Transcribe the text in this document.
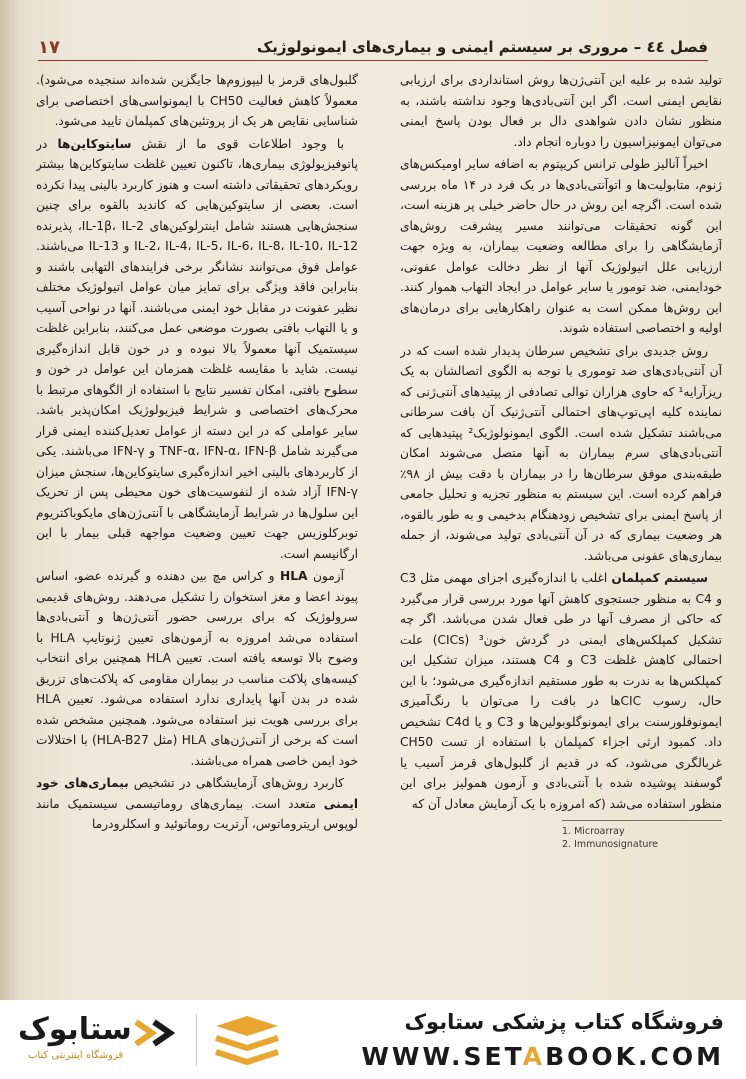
فصل ٤٤ – مروری بر سیستم ایمنی و بیماری‌های ایمونولوژیک
١٧

تولید شده بر علیه این آنتی‌ژن‌ها روش استانداردی برای ارزیابی نقایص ایمنی است. اگر این آنتی‌بادی‌ها وجود نداشته باشند، به منظور نشان دادن شواهدی دال بر فعال بودن پاسخ ایمنی می‌توان ایمونیزاسیون را دوباره انجام داد.

اخیراً آنالیز طولی ترانس کریپتوم به اضافه سایر اومیکس‌های ژنوم، متابولیت‌ها و اتوآنتی‌بادی‌ها در یک فرد در ۱۴ ماه بررسی شده است. اگرچه این روش در حال حاضر خیلی پر هزینه است، این گونه تحقیقات می‌توانند مسیر پیشرفت روش‌های آزمایشگاهی را برای مطالعه وضعیت بیماران، به ویژه جهت ارزیابی علل اتیولوژیک آنها از نظر دخالت عوامل عفونی، خودایمنی، ضد تومور یا سایر عوامل در ایجاد التهاب هموار کنند. این روش‌ها ممکن است به عنوان راهکارهایی برای درمان‌های اولیه و اختصاصی استفاده شوند.

روش جدیدی برای تشخیص سرطان پدیدار شده است که در آن آنتی‌بادی‌های ضد توموری با توجه به الگوی اتصالشان به یک ریزآرایه¹ که حاوی هزاران توالی تصادفی از پپتیدهای آنتی‌ژنی که نماینده کلیه اپی‌توپ‌های احتمالی آنتی‌ژنیک آن بافت سرطانی می‌باشند تشکیل شده است. الگوی ایمونولوژیک² پپتیدهایی که آنتی‌بادی‌های سرم بیماران به آنها متصل می‌شوند امکان طبقه‌بندی موفق سرطان‌ها را در بیماران با دقت بیش از ۹۸٪ فراهم کرده است. این سیستم به منظور تجزیه و تحلیل جامعی از پاسخ ایمنی برای تشخیص زودهنگام بدخیمی و به طور بالقوه، هر وضعیت بیماری که در آن آنتی‌بادی تولید می‌شوند، از جمله بیماری‌های عفونی می‌باشد.

سیستم کمپلمان اغلب با اندازه‌گیری اجزای مهمی مثل C3 و C4 به منظور جستجوی کاهش آنها مورد بررسی قرار می‌گیرد که حاکی از مصرف آنها در طی فعال شدن می‌باشد. اگر چه تشکیل کمپلکس‌های ایمنی در گردش خون³ (CICs) علت احتمالی کاهش غلظت C3 و C4 هستند، میزان تشکیل این کمپلکس‌ها به ندرت به طور مستقیم اندازه‌گیری می‌شود؛ با این حال، رسوب CICها در بافت را می‌توان با رنگ‌آمیزی ایمونوفلورسنت برای ایمونوگلوبولین‌ها و C3 و یا C4d تشخیص داد. کمبود ارثی اجزاء کمپلمان با استفاده از تست CH50 غربالگری می‌شود، که در قدیم از گلبول‌های قرمز آسیب یا گوسفند پوشیده شده با آنتی‌بادی و آزمون همولیز برای این منظور استفاده می‌شد (که امروزه با یک آزمایش معادل آن که

1. Microarray
2. Immunosignature

گلبول‌های قرمز با لیپوزوم‌ها جایگزین شده‌اند سنجیده می‌شود). معمولاً کاهش فعالیت CH50 با ایمونواسی‌های اختصاصی برای شناسایی نقایص هر یک از پروتئین‌های کمپلمان تایید می‌شود.

با وجود اطلاعات قوی ما از نقش سایتوکاین‌ها در پاتوفیزیولوژی بیماری‌ها، تاکنون تعیین غلظت سایتوکاین‌ها بیشتر رویکردهای تحقیقاتی داشته است و هنوز کاربرد بالینی پیدا نکرده است. بعضی از سایتوکین‌هایی که کاندید بالقوه برای چنین سنجش‌هایی هستند شامل اینترلوکین‌های IL-1β، IL-2، پذیرنده IL-2، IL-4، IL-5، IL-6، IL-8، IL-10، IL-12 و IL-13 می‌باشند. عوامل فوق می‌توانند نشانگر برخی فرایندهای التهابی باشند و بنابراین فاقد ویژگی برای تمایز میان عوامل اتیولوژیک مختلف نظیر عفونت در مقابل خود ایمنی می‌باشند. آنها در نواحی آسیب و یا التهاب بافتی بصورت موضعی عمل می‌کنند، بنابراین غلظت سیستمیک آنها معمولاً بالا نبوده و در خون قابل اندازه‌گیری نیست. شاید با مقایسه غلظت همزمان این عوامل در خون و سطوح بافتی، امکان تفسیر نتایج با استفاده از الگوهای مرتبط با محرک‌های اختصاصی و شرایط فیزیولوژیک امکان‌پذیر باشد. سایر عواملی که در این دسته از عوامل تعدیل‌کننده ایمنی قرار می‌گیرند شامل TNF-α، IFN-α، IFN-β و IFN-γ می‌باشند. یکی از کاربردهای بالینی اخیر اندازه‌گیری سایتوکاین‌ها، سنجش میزان IFN-γ آزاد شده از لنفوسیت‌های خون محیطی پس از تحریک این سلول‌ها در شرایط آزمایشگاهی با آنتی‌ژن‌های مایکوباکتریوم توبرکلوزیس جهت تعیین وضعیت مواجهه قبلی بیمار با این ارگانیسم است.

آزمون HLA و کراس مچ بین دهنده و گیرنده عضو، اساس پیوند اعضا و مغز استخوان را تشکیل می‌دهند. روش‌های قدیمی سرولوژیک که برای بررسی حضور آنتی‌ژن‌ها و آنتی‌بادی‌ها استفاده می‌شد امروزه به آزمون‌های تعیین ژنوتایپ HLA با وضوح بالا توسعه یافته است. تعیین HLA همچنین برای انتخاب کیسه‌های پلاکت مناسب در بیماران مقاومی که پلاکت‌های تزریق شده در بدن آنها پایداری ندارد استفاده می‌شود. تعیین HLA برای بررسی هویت نیز استفاده می‌شود. همچنین مشخص شده است که برخی از آنتی‌ژن‌های HLA (مثل HLA-B27) با اختلالات خود ایمن خاصی همراه می‌باشند.

کاربرد روش‌های آزمایشگاهی در تشخیص بیماری‌های خود ایمنی متعدد است. بیماری‌های روماتیسمی سیستمیک مانند لوپوس اریتروماتوس، آرتریت روماتوئید و اسکلرودرما

ستابوک
فروشگاه اینترنتی کتاب
فروشگاه کتاب پزشکی ستابوک
WWW.SETABOOK.COM
